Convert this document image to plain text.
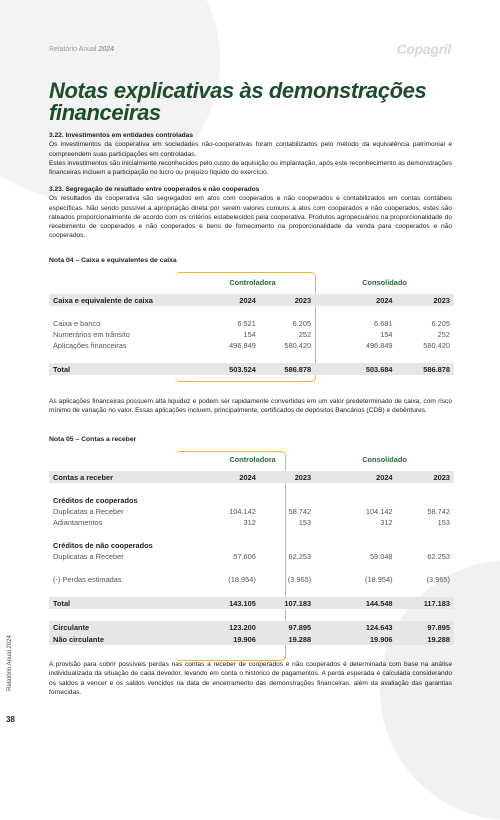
Relatório Anual 2024	Copagril
Notas explicativas às demonstrações financeiras

3.22. Investimentos em entidades controladas

Os investimentos da cooperativa em sociedades não-cooperativas foram contabilizados pelo método da equivalência patrimonial e compreendem suas participações em controladas.

Estes investimentos são inicialmente reconhecidos pelo custo de aquisição ou implantação, após este reconhecimento as demonstrações financeiras incluem a participação no lucro ou prejuízo líquido do exercício.

3.23. Segregação de resultado entre cooperados e não cooperados

Os resultados da cooperativa são segregados em atos com cooperados e não cooperados e contabilizados em contas contábeis específicas. Não sendo possível a apropriação direta por serem valores comuns a atos com cooperados e não cooperados, estes são rateados proporcionalmente de acordo com os critérios estabelecidos pela cooperativa. Produtos agropecuários na proporcionalidade do recebimento de cooperados e não cooperados e bens de fornecimento na proporcionalidade da venda para cooperados e não cooperados.

Nota 04 – Caixa e equivalentes de caixa
	Controladora		Consolidado	

Caixa e equivalente de caixa	2024	2023	2024	2023

Caixa e banco	6.521	6.205	6.681	6.205
Numerários em trânsito	154	252	154	252
Aplicações financeiras	496.849	580.420	496.849	580.420

Total	503.524	586.878	503.684	586.878

As aplicações financeiras possuem alta liquidez e podem ser rapidamente convertidas em um valor predeterminado de caixa, com risco mínimo de variação no valor. Essas aplicações incluem, principalmente, certificados de depósitos Bancários (CDB) e debêntures.

Nota 05 – Contas a receber
	Controladora		Consolidado	

Contas a receber	2024	2023	2024	2023

Créditos de cooperados				
Duplicatas a Receber	104.142	58.742	104.142	58.742
Adiantamentos	312	153	312	153

Créditos de não cooperados				
Duplicatas a Receber	57.606	62.253	59.048	62.253

(-) Perdas estimadas	(18.954)	(3.965)	(18.954)	(3.965)

Total	143.105	107.183	144.548	117.183

Circulante	123.200	97.895	124.643	97.895
Não circulante	19.906	19.288	19.906	19.288

A provisão para cobrir possíveis perdas nas contas a receber de cooperados e não cooperados é determinada com base na análise individualizada da situação de cada devedor, levando em conta o histórico de pagamentos. A perda esperada é calculada considerando os saldos a vencer e os saldos vencidos na data de encerramento das demonstrações financeiras, além da avaliação das garantias fornecidas.

Relatório Anual 2024
38
